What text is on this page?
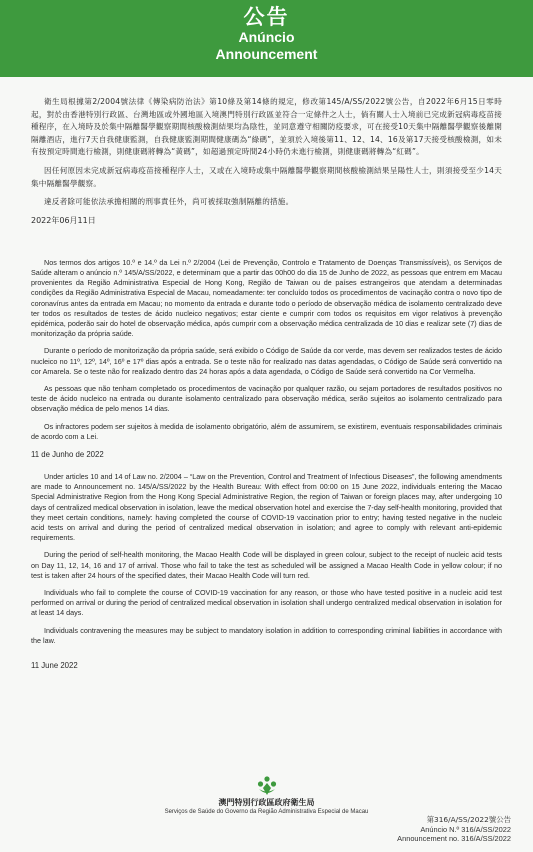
公告
Anúncio
Announcement

衛生局根據第2/2004號法律《傳染病防治法》第10條及第14條的規定，修改第145/A/SS/2022號公告，自2022年6月15日零時起，對於由香港特別行政區、台灣地區或外國地區入境澳門特別行政區並符合一定條件之人士，倘有關人士入境前已完成新冠病毒疫苗接種程序，在入境時及於集中隔離醫學觀察期間核酸檢測結果均為陰性，並同意遵守相關防疫要求，可在接受10天集中隔離醫學觀察後離開隔離酒店，進行7天自我健康監測，自我健康監測期間健康碼為“綠碼”，並須於入境後第11、12、14、16及第17天接受核酸檢測，如未有按預定時間進行檢測，則健康碼將轉為“黃碼”，如超過預定時間24小時仍未進行檢測，則健康碼將轉為“紅碼”。

因任何原因未完成新冠病毒疫苗接種程序人士，又或在入境時或集中隔離醫學觀察期間核酸檢測結果呈陽性人士，則須接受至少14天集中隔離醫學觀察。

違反者除可能依法承擔相關的刑事責任外，尚可被採取強制隔離的措施。

2022年06月11日

Nos termos dos artigos 10.º e 14.º da Lei n.º 2/2004 (Lei de Prevenção, Controlo e Tratamento de Doenças Transmissíveis), os Serviços de Saúde alteram o anúncio n.º 145/A/SS/2022, e determinam que a partir das 00h00 do dia 15 de Junho de 2022, as pessoas que entrem em Macau provenientes da Região Administrativa Especial de Hong Kong, Região de Taiwan ou de países estrangeiros que atendam a determinadas condições da Região Administrativa Especial de Macau, nomeadamente: ter concluído todos os procedimentos de vacinação contra o novo tipo de coronavírus antes da entrada em Macau; no momento da entrada e durante todo o período de observação médica de isolamento centralizado deve ter todos os resultados de testes de ácido nucleico negativos; estar ciente e cumprir com todos os requisitos em vigor relativos à prevenção epidémica, poderão sair do hotel de observação médica, após cumprir com a observação médica centralizada de 10 dias e realizar sete (7) dias de monitorização da própria saúde.

Durante o período de monitorização da própria saúde, será exibido o Código de Saúde da cor verde, mas devem ser realizados testes de ácido nucleico no 11º, 12º, 14º, 16º e 17º dias após a entrada. Se o teste não for realizado nas datas agendadas, o Código de Saúde será convertido na cor Amarela. Se o teste não for realizado dentro das 24 horas após a data agendada, o Código de Saúde será convertido na Cor Vermelha.

As pessoas que não tenham completado os procedimentos de vacinação por qualquer razão, ou sejam portadores de resultados positivos no teste de ácido nucleico na entrada ou durante isolamento centralizado para observação médica, serão sujeitos ao isolamento centralizado para observação médica de pelo menos 14 dias.

Os infractores podem ser sujeitos à medida de isolamento obrigatório, além de assumirem, se existirem, eventuais responsabilidades criminais de acordo com a Lei.

11 de Junho de 2022

Under articles 10 and 14 of Law no. 2/2004 – “Law on the Prevention, Control and Treatment of Infectious Diseases”, the following amendments are made to Announcement no. 145/A/SS/2022 by the Health Bureau: With effect from 00:00 on 15 June 2022, individuals entering the Macao Special Administrative Region from the Hong Kong Special Administrative Region, the region of Taiwan or foreign places may, after undergoing 10 days of centralized medical observation in isolation, leave the medical observation hotel and exercise the 7-day self-health monitoring, provided that they meet certain conditions, namely: having completed the course of COVID-19 vaccination prior to entry; having tested negative in the nucleic acid tests on arrival and during the period of centralized medical observation in isolation; and agree to comply with relevant anti-epidemic requirements.

During the period of self-health monitoring, the Macao Health Code will be displayed in green colour, subject to the receipt of nucleic acid tests on Day 11, 12, 14, 16 and 17 of arrival. Those who fail to take the test as scheduled will be assigned a Macao Health Code in yellow colour; if no test is taken after 24 hours of the specified dates, their Macao Health Code will turn red.

Individuals who fail to complete the course of COVID-19 vaccination for any reason, or those who have tested positive in a nucleic acid test performed on arrival or during the period of centralized medical observation in isolation shall undergo centralized medical observation in isolation for at least 14 days.

Individuals contravening the measures may be subject to mandatory isolation in addition to corresponding criminal liabilities in accordance with the law.

11 June 2022

澳門特別行政區政府衛生局
Serviços de Saúde do Governo da Região Administrativa Especial de Macau
第316/A/SS/2022號公告
Anúncio N.º 316/A/SS/2022
Announcement no. 316/A/SS/2022
